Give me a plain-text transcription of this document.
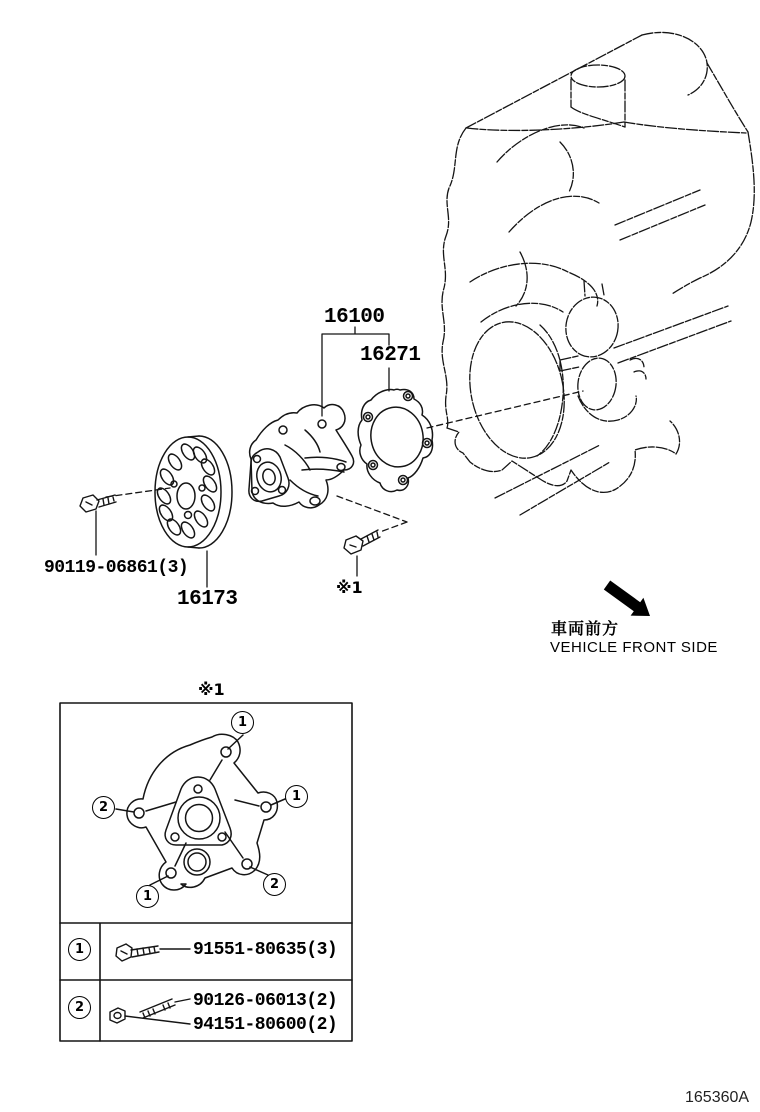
16100
16271
90119-06861(3)
16173
※1
※1
車両前方
VEHICLE FRONT SIDE
165360A
1
1
2
1
2
1
2
91551-80635(3)
90126-06013(2)
94151-80600(2)
